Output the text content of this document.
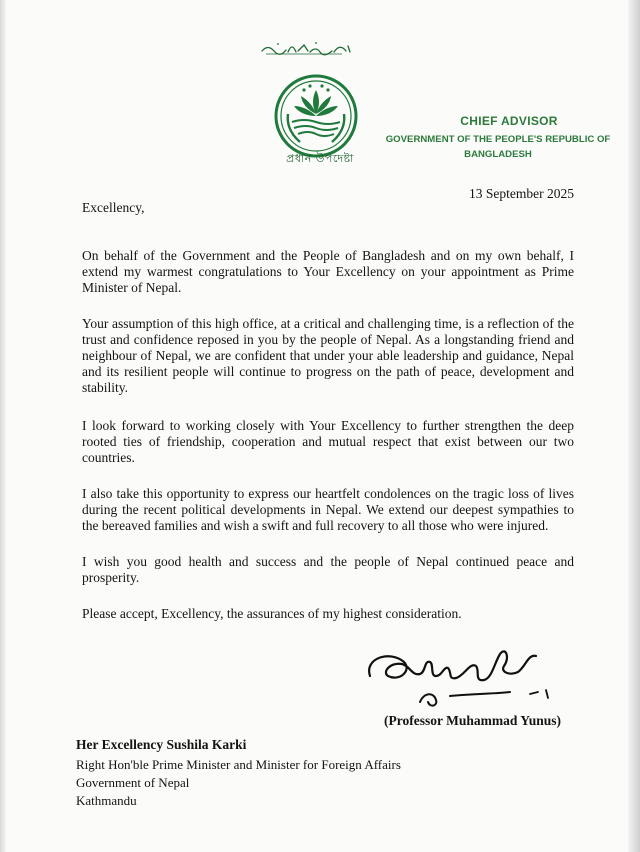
প্রধান উপদেষ্টা
CHIEF ADVISOR
GOVERNMENT OF THE PEOPLE'S REPUBLIC OF
BANGLADESH
13 September 2025
Excellency,
On behalf of the Government and the People of Bangladesh and on my own behalf, I extend my warmest congratulations to Your Excellency on your appointment as Prime Minister of Nepal.
Your assumption of this high office, at a critical and challenging time, is a reflection of the trust and confidence reposed in you by the people of Nepal. As a longstanding friend and neighbour of Nepal, we are confident that under your able leadership and guidance, Nepal and its resilient people will continue to progress on the path of peace, development and stability.
I look forward to working closely with Your Excellency to further strengthen the deep rooted ties of friendship, cooperation and mutual respect that exist between our two countries.
I also take this opportunity to express our heartfelt condolences on the tragic loss of lives during the recent political developments in Nepal. We extend our deepest sympathies to the bereaved families and wish a swift and full recovery to all those who were injured.
I wish you good health and success and the people of Nepal continued peace and prosperity.
Please accept, Excellency, the assurances of my highest consideration.
(Professor Muhammad Yunus)
Her Excellency Sushila Karki
Right Hon'ble Prime Minister and Minister for Foreign Affairs
Government of Nepal
Kathmandu
